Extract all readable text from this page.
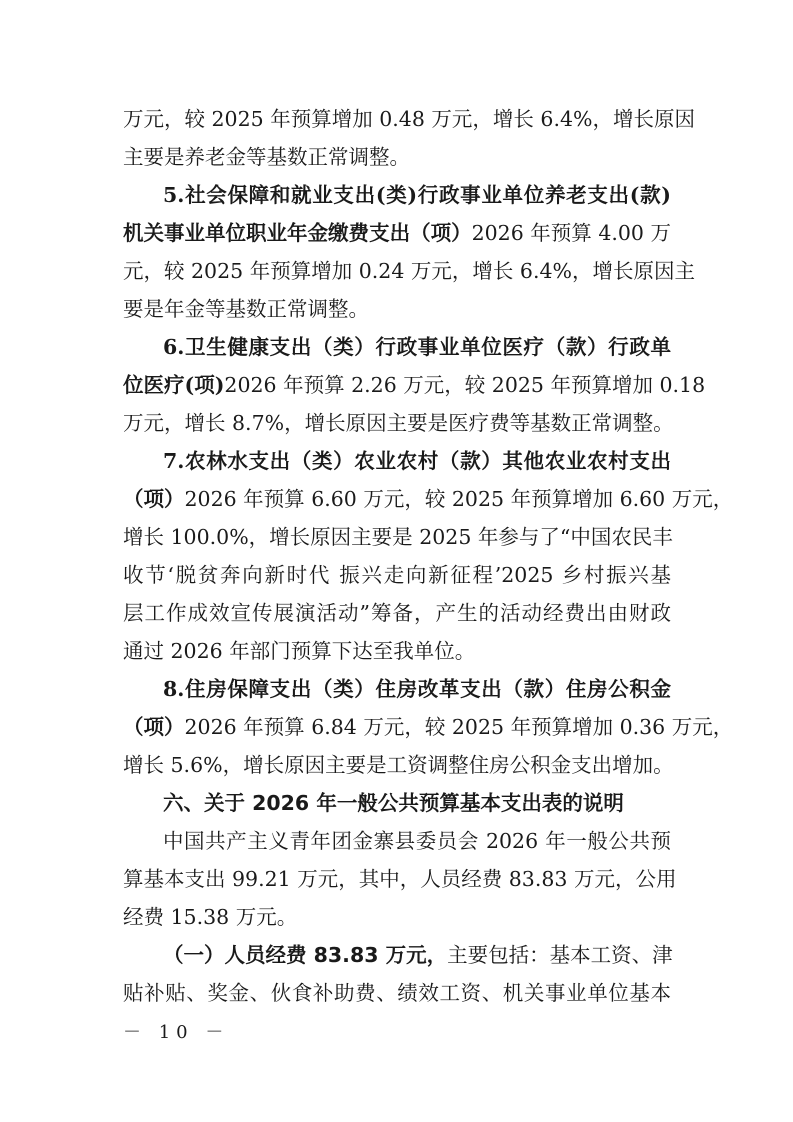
万元，较 2025 年预算增加 0.48 万元，增长 6.4%，增长原因
主要是养老金等基数正常调整。
5.社会保障和就业支出(类)行政事业单位养老支出(款)
机关事业单位职业年金缴费支出（项）2026 年预算 4.00 万
元，较 2025 年预算增加 0.24 万元，增长 6.4%，增长原因主
要是年金等基数正常调整。
6.卫生健康支出（类）行政事业单位医疗（款）行政单
位医疗(项)2026 年预算 2.26 万元，较 2025 年预算增加 0.18
万元，增长 8.7%，增长原因主要是医疗费等基数正常调整。
7.农林水支出（类）农业农村（款）其他农业农村支出
（项）2026 年预算 6.60 万元，较 2025 年预算增加 6.60 万元，
增长 100.0%，增长原因主要是 2025 年参与了“中国农民丰
收节‘脱贫奔向新时代 振兴走向新征程’2025 乡村振兴基
层工作成效宣传展演活动”筹备，产生的活动经费出由财政
通过 2026 年部门预算下达至我单位。
8.住房保障支出（类）住房改革支出（款）住房公积金
（项）2026 年预算 6.84 万元，较 2025 年预算增加 0.36 万元，
增长 5.6%，增长原因主要是工资调整住房公积金支出增加。
六、关于 2026 年一般公共预算基本支出表的说明
中国共产主义青年团金寨县委员会 2026 年一般公共预
算基本支出 99.21 万元，其中，人员经费 83.83 万元，公用
经费 15.38 万元。
（一）人员经费 83.83 万元，主要包括：基本工资、津
贴补贴、奖金、伙食补助费、绩效工资、机关事业单位基本
－ 10 －
